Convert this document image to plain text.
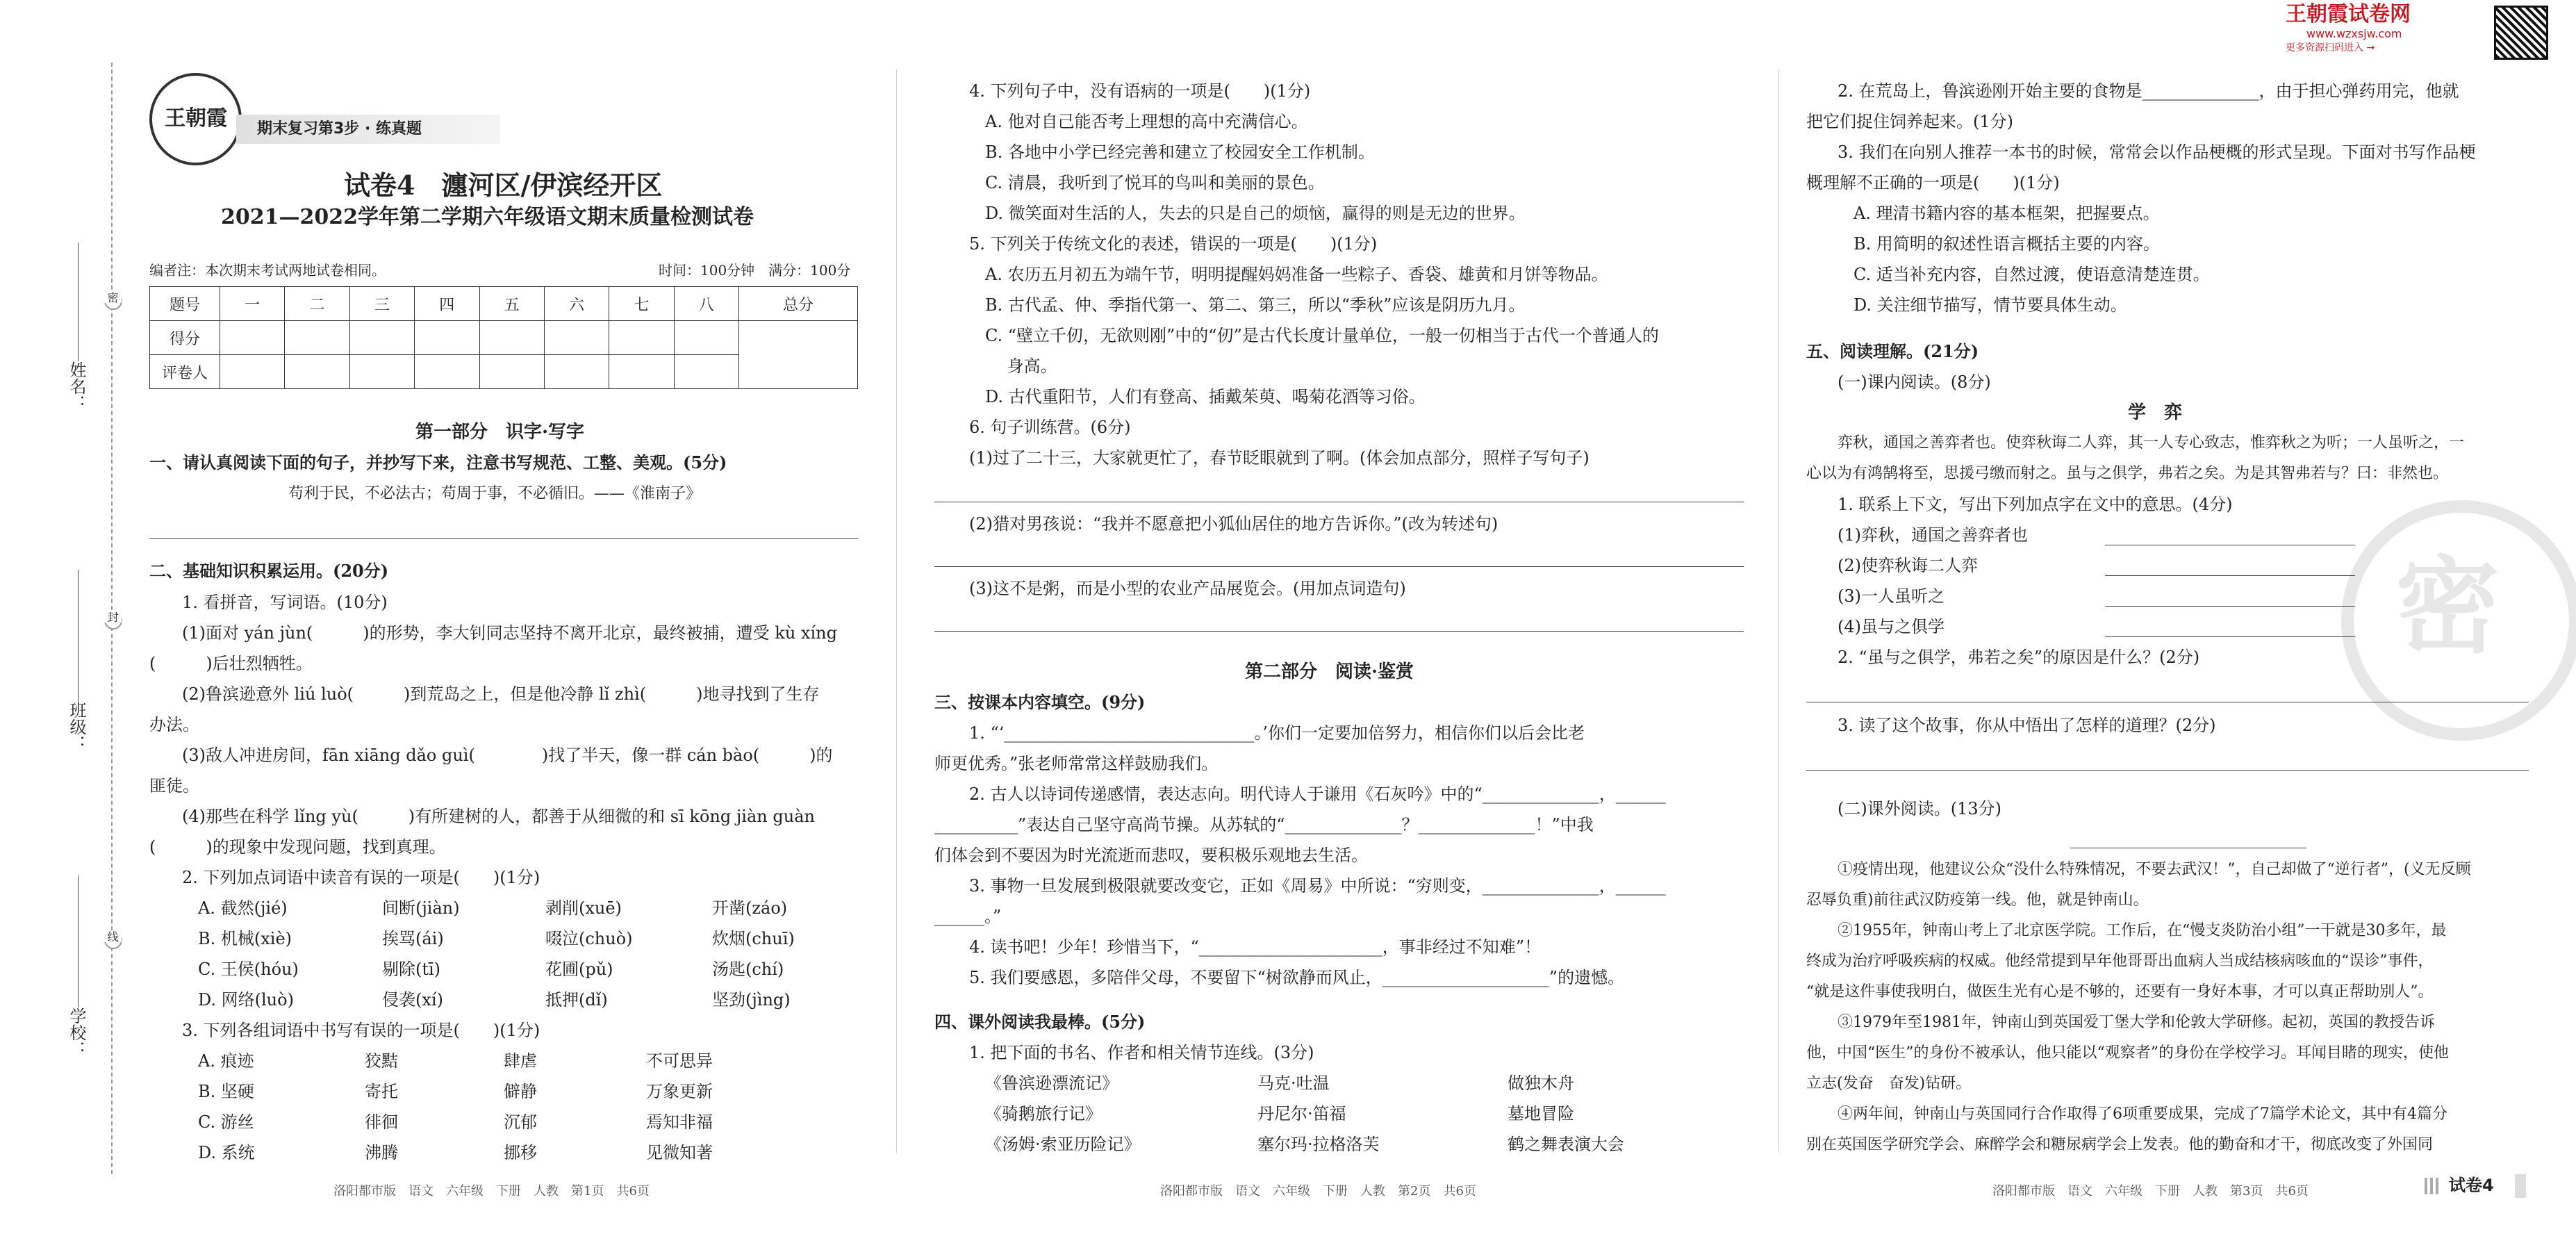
密
封
线
姓名：
班级：
学校：
王朝霞	期末复习第3步 · 练真题
试卷4　瀍河区/伊滨经开区
2021—2022学年第二学期六年级语文期末质量检测试卷
编者注：本次期末考试两地试卷相同。	时间：100分钟　满分：100分
题号	一	二	三	四	五	六	七	八	总分
得分									
评卷人									
第一部分　识字·写字
一、请认真阅读下面的句子，并抄写下来，注意书写规范、工整、美观。(5分)
苟利于民，不必法古；苟周于事，不必循旧。——《淮南子》
二、基础知识积累运用。(20分)
1. 看拼音，写词语。(10分)
(1)面对 yán jùn(　　　)的形势，李大钊同志坚持不离开北京，最终被捕，遭受 kù xíng
(　　　)后壮烈牺牲。
(2)鲁滨逊意外 liú luò(　　　)到荒岛之上，但是他冷静 lǐ zhì(　　　)地寻找到了生存
办法。
(3)敌人冲进房间，fān xiāng dǎo guì(　　　　)找了半天，像一群 cán bào(　　　)的
匪徒。
(4)那些在科学 lǐng yù(　　　)有所建树的人，都善于从细微的和 sī kōng jiàn guàn
(　　　)的现象中发现问题，找到真理。
2. 下列加点词语中读音有误的一项是(　　)(1分)
A. 截然(jié)	间断(jiàn)	剥削(xuē)	开凿(záo)
B. 机械(xiè)	挨骂(ái)	啜泣(chuò)	炊烟(chuī)
C. 王侯(hóu)	剔除(tī)	花圃(pǔ)	汤匙(chí)
D. 网络(luò)	侵袭(xí)	抵押(dǐ)	坚劲(jìng)
3. 下列各组词语中书写有误的一项是(　　)(1分)
A. 痕迹	狡黠	肆虐	不可思异
B. 坚硬	寄托	僻静	万象更新
C. 游丝	徘徊	沉郁	焉知非福
D. 系统	沸腾	挪移	见微知著
洛阳都市版　语文　六年级　下册　人教　第1页　共6页
4. 下列句子中，没有语病的一项是(　　)(1分)
A. 他对自己能否考上理想的高中充满信心。
B. 各地中小学已经完善和建立了校园安全工作机制。
C. 清晨，我听到了悦耳的鸟叫和美丽的景色。
D. 微笑面对生活的人，失去的只是自己的烦恼，赢得的则是无边的世界。
5. 下列关于传统文化的表述，错误的一项是(　　)(1分)
A. 农历五月初五为端午节，明明提醒妈妈准备一些粽子、香袋、雄黄和月饼等物品。
B. 古代孟、仲、季指代第一、第二、第三，所以“季秋”应该是阴历九月。
C. “壁立千仞，无欲则刚”中的“仞”是古代长度计量单位，一般一仞相当于古代一个普通人的
　 身高。
D. 古代重阳节，人们有登高、插戴茱萸、喝菊花酒等习俗。
6. 句子训练营。(6分)
(1)过了二十三，大家就更忙了，春节眨眼就到了啊。(体会加点部分，照样子写句子)
(2)猎对男孩说：“我并不愿意把小狐仙居住的地方告诉你。”(改为转述句)
(3)这不是粥，而是小型的农业产品展览会。(用加点词造句)
第二部分　阅读·鉴赏
三、按课本内容填空。(9分)
1. “‘______________________________。’你们一定要加倍努力，相信你们以后会比老
师更优秀。”张老师常常这样鼓励我们。
2. 古人以诗词传递感情，表达志向。明代诗人于谦用《石灰吟》中的“______________，______
__________”表达自己坚守高尚节操。从苏轼的“______________？______________！”中我
们体会到不要因为时光流逝而悲叹，要积极乐观地去生活。
3. 事物一旦发展到极限就要改变它，正如《周易》中所说：“穷则变，______________，______
______。”
4. 读书吧！少年！珍惜当下，“______________________，事非经过不知难”！
5. 我们要感恩，多陪伴父母，不要留下“树欲静而风止，____________________”的遗憾。
四、课外阅读我最棒。(5分)
1. 把下面的书名、作者和相关情节连线。(3分)
《鲁滨逊漂流记》	马克·吐温	做独木舟
《骑鹅旅行记》	丹尼尔·笛福	墓地冒险
《汤姆·索亚历险记》	塞尔玛·拉格洛芙	鹤之舞表演大会
洛阳都市版　语文　六年级　下册　人教　第2页　共6页
王朝霞试卷网
www.wzxsjw.com
更多资源扫码进入 →
密
2. 在荒岛上，鲁滨逊刚开始主要的食物是______________，由于担心弹药用完，他就
把它们捉住饲养起来。(1分)
3. 我们在向别人推荐一本书的时候，常常会以作品梗概的形式呈现。下面对书写作品梗
概理解不正确的一项是(　　)(1分)
A. 理清书籍内容的基本框架，把握要点。
B. 用简明的叙述性语言概括主要的内容。
C. 适当补充内容，自然过渡，使语意清楚连贯。
D. 关注细节描写，情节要具体生动。
五、阅读理解。(21分)
(一)课内阅读。(8分)
学　弈
弈秋，通国之善弈者也。使弈秋诲二人弈，其一人专心致志，惟弈秋之为听；一人虽听之，一
心以为有鸿鹄将至，思援弓缴而射之。虽与之俱学，弗若之矣。为是其智弗若与？曰：非然也。
1. 联系上下文，写出下列加点字在文中的意思。(4分)
(1)弈秋，通国之善弈者也
(2)使弈秋诲二人弈
(3)一人虽听之
(4)虽与之俱学
2. “虽与之俱学，弗若之矣”的原因是什么？(2分)
3. 读了这个故事，你从中悟出了怎样的道理？(2分)
(二)课外阅读。(13分)
①疫情出现，他建议公众“没什么特殊情况，不要去武汉！”，自己却做了“逆行者”，(义无反顾
忍辱负重)前往武汉防疫第一线。他，就是钟南山。
②1955年，钟南山考上了北京医学院。工作后，在“慢支炎防治小组”一干就是30多年，最
终成为治疗呼吸疾病的权威。他经常提到早年他哥哥出血病人当成结核病咳血的“误诊”事件，
“就是这件事使我明白，做医生光有心是不够的，还要有一身好本事，才可以真正帮助别人”。
③1979年至1981年，钟南山到英国爱丁堡大学和伦敦大学研修。起初，英国的教授告诉
他，中国“医生”的身份不被承认，他只能以“观察者”的身份在学校学习。耳闻目睹的现实，使他
立志(发奋　奋发)钻研。
④两年间，钟南山与英国同行合作取得了6项重要成果，完成了7篇学术论文，其中有4篇分
别在英国医学研究学会、麻醉学会和糖尿病学会上发表。他的勤奋和才干，彻底改变了外国同
洛阳都市版　语文　六年级　下册　人教　第3页　共6页	试卷4
